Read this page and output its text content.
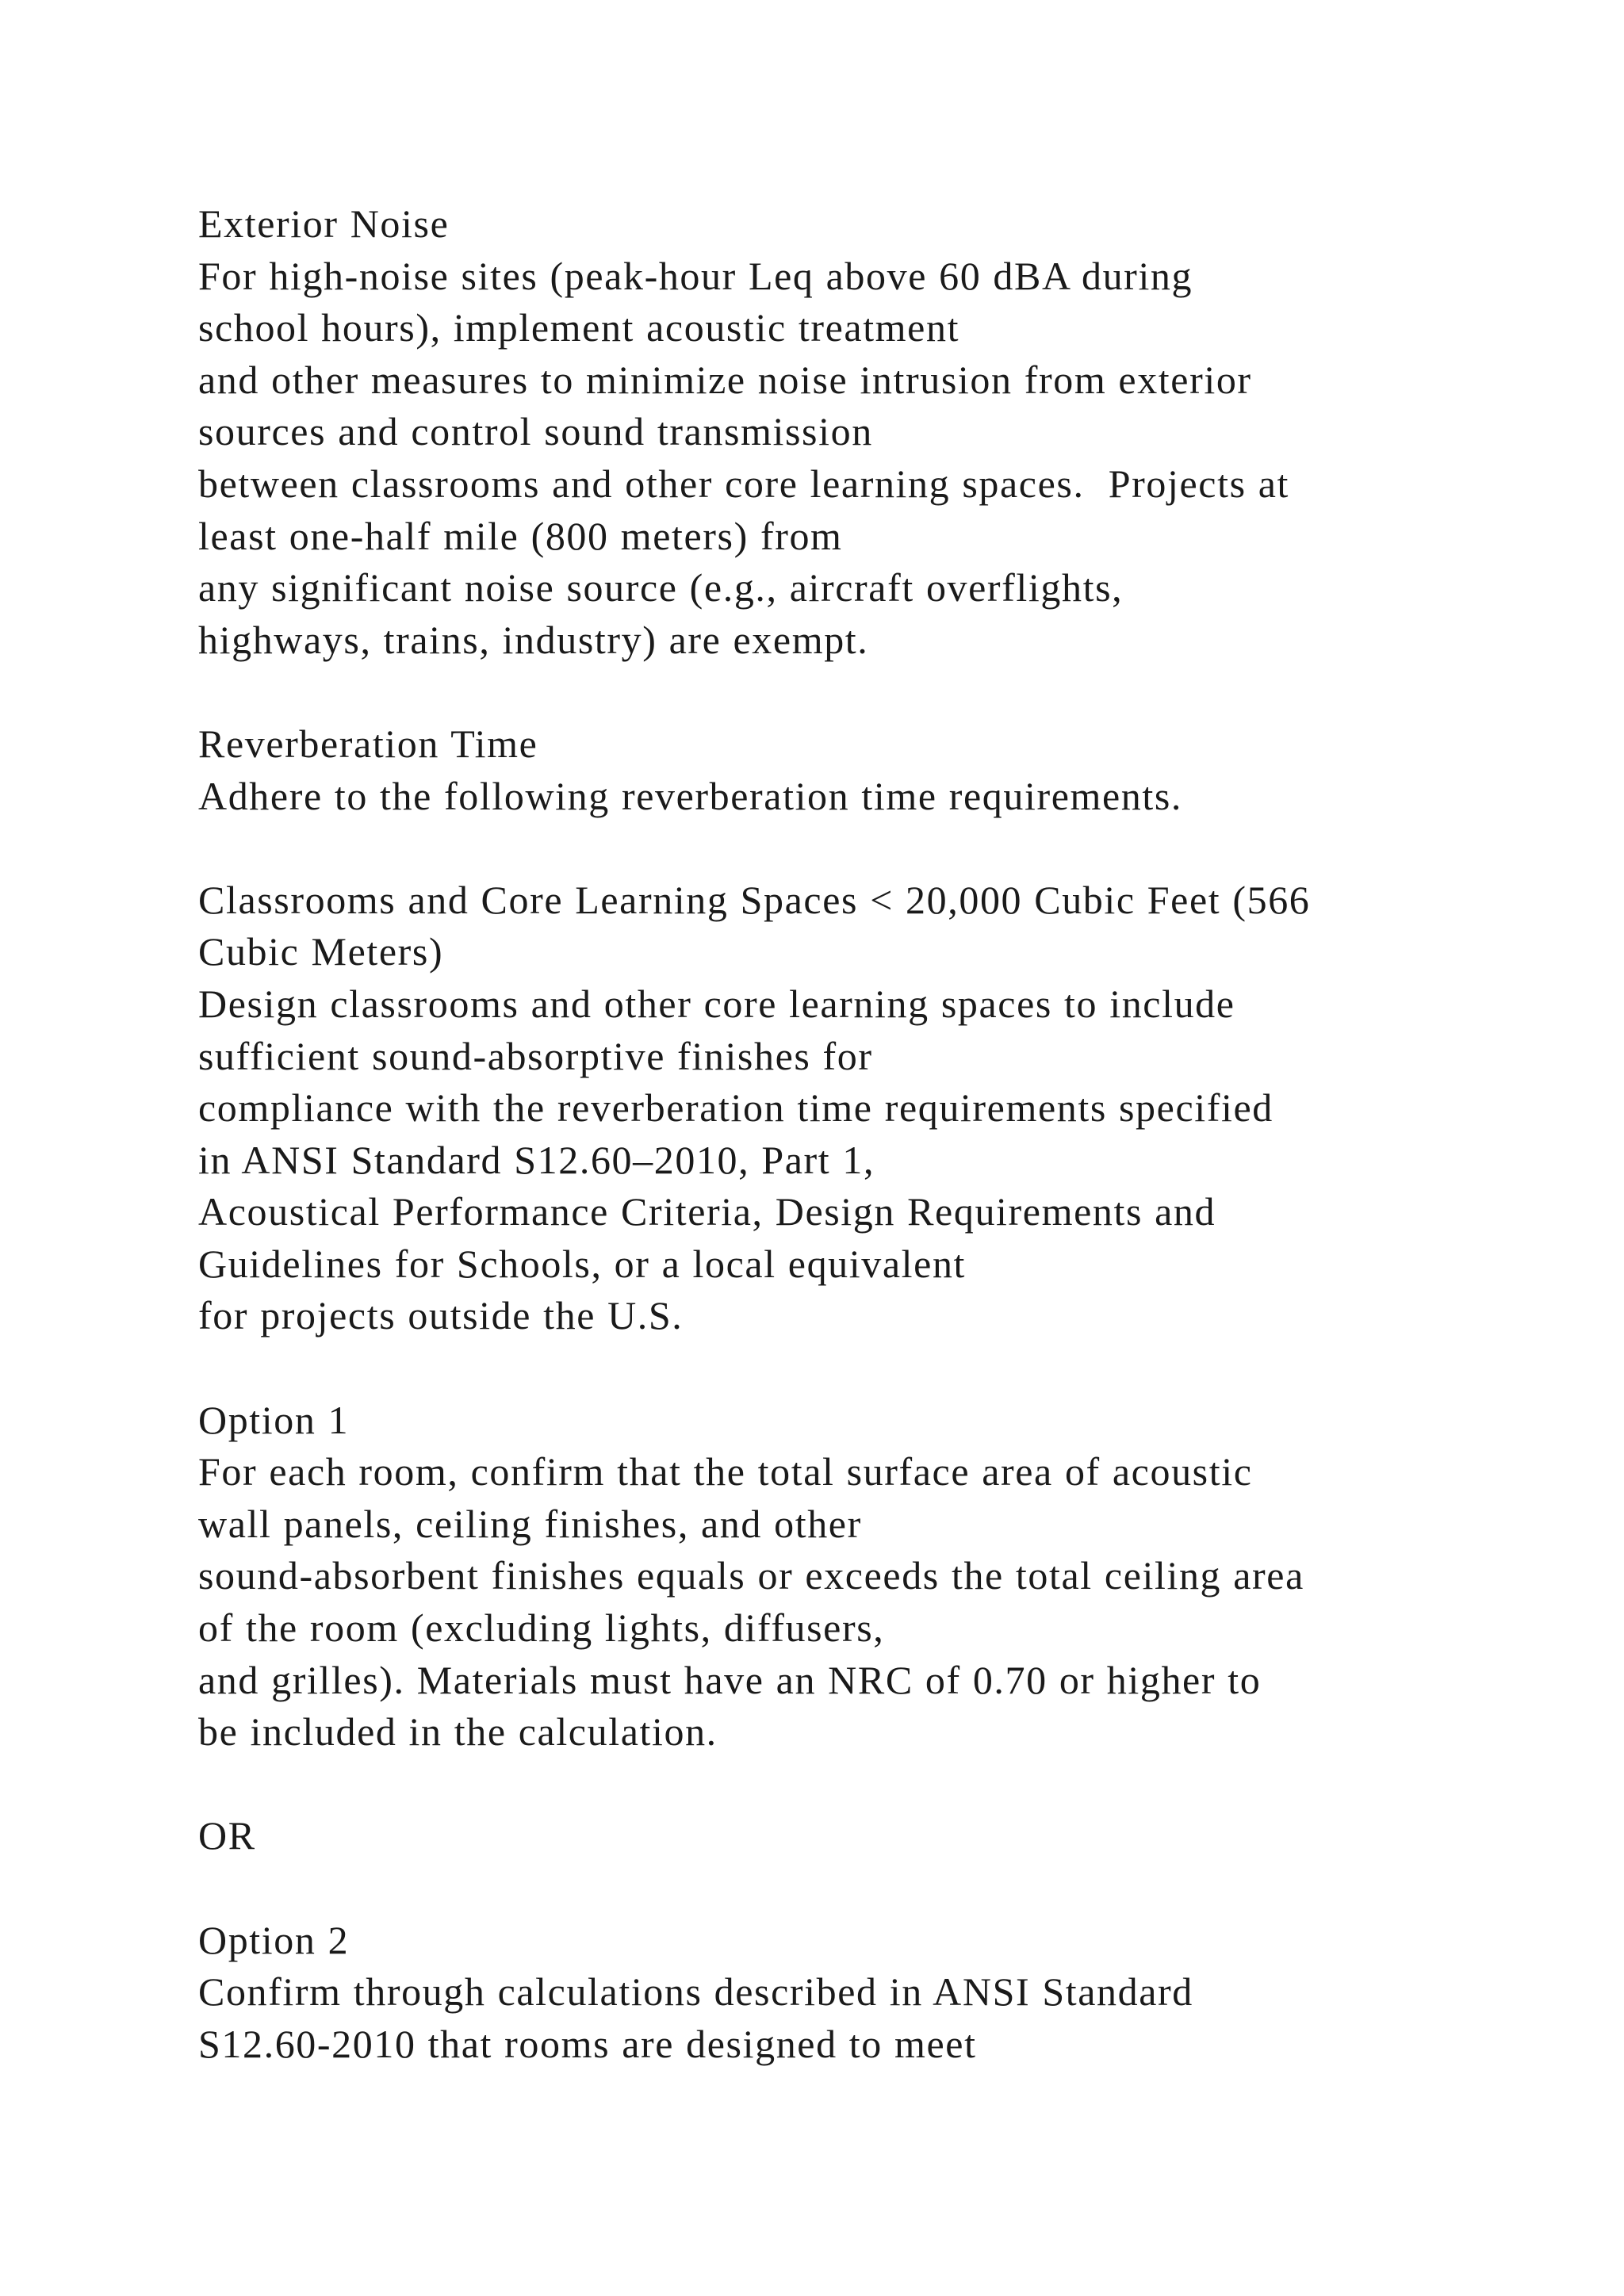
Exterior Noise
For high-noise sites (peak-hour Leq above 60 dBA during
school hours), implement acoustic treatment
and other measures to minimize noise intrusion from exterior
sources and control sound transmission
between classrooms and other core learning spaces.  Projects at
least one-half mile (800 meters) from
any significant noise source (e.g., aircraft overflights,
highways, trains, industry) are exempt.
Reverberation Time
Adhere to the following reverberation time requirements.
Classrooms and Core Learning Spaces < 20,000 Cubic Feet (566
Cubic Meters)
Design classrooms and other core learning spaces to include
sufficient sound-absorptive finishes for
compliance with the reverberation time requirements specified
in ANSI Standard S12.60–2010, Part 1,
Acoustical Performance Criteria, Design Requirements and
Guidelines for Schools, or a local equivalent
for projects outside the U.S.
Option 1
For each room, confirm that the total surface area of acoustic
wall panels, ceiling finishes, and other
sound-absorbent finishes equals or exceeds the total ceiling area
of the room (excluding lights, diffusers,
and grilles). Materials must have an NRC of 0.70 or higher to
be included in the calculation.
OR
Option 2
Confirm through calculations described in ANSI Standard
S12.60-2010 that rooms are designed to meet
